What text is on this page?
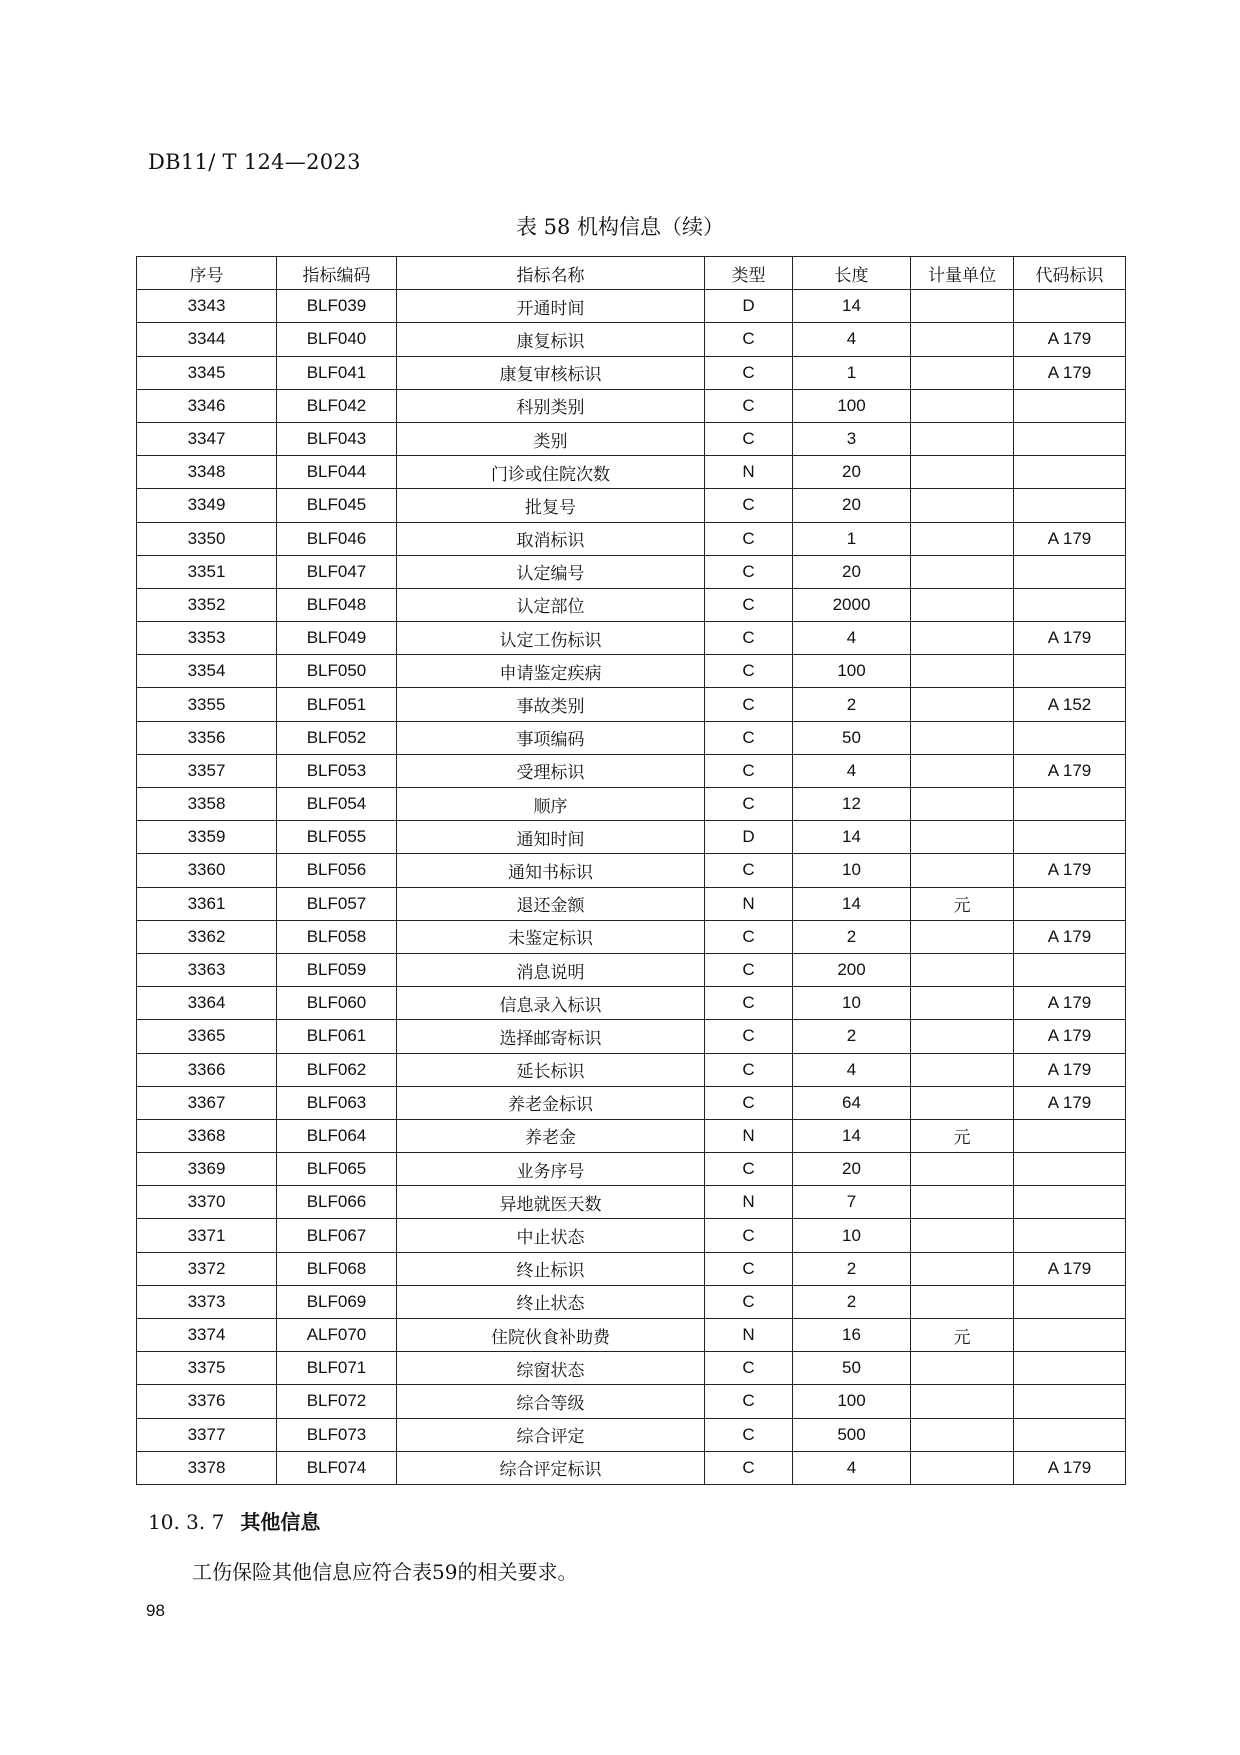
DB11/ T 124—2023
表 58 机构信息（续）
序号	指标编码	指标名称	类型	长度	计量单位	代码标识
3343	BLF039	开通时间	D	14		
3344	BLF040	康复标识	C	4		A 179
3345	BLF041	康复审核标识	C	1		A 179
3346	BLF042	科别类别	C	100		
3347	BLF043	类别	C	3		
3348	BLF044	门诊或住院次数	N	20		
3349	BLF045	批复号	C	20		
3350	BLF046	取消标识	C	1		A 179
3351	BLF047	认定编号	C	20		
3352	BLF048	认定部位	C	2000		
3353	BLF049	认定工伤标识	C	4		A 179
3354	BLF050	申请鉴定疾病	C	100		
3355	BLF051	事故类别	C	2		A 152
3356	BLF052	事项编码	C	50		
3357	BLF053	受理标识	C	4		A 179
3358	BLF054	顺序	C	12		
3359	BLF055	通知时间	D	14		
3360	BLF056	通知书标识	C	10		A 179
3361	BLF057	退还金额	N	14	元	
3362	BLF058	未鉴定标识	C	2		A 179
3363	BLF059	消息说明	C	200		
3364	BLF060	信息录入标识	C	10		A 179
3365	BLF061	选择邮寄标识	C	2		A 179
3366	BLF062	延长标识	C	4		A 179
3367	BLF063	养老金标识	C	64		A 179
3368	BLF064	养老金	N	14	元	
3369	BLF065	业务序号	C	20		
3370	BLF066	异地就医天数	N	7		
3371	BLF067	中止状态	C	10		
3372	BLF068	终止标识	C	2		A 179
3373	BLF069	终止状态	C	2		
3374	ALF070	住院伙食补助费	N	16	元	
3375	BLF071	综窗状态	C	50		
3376	BLF072	综合等级	C	100		
3377	BLF073	综合评定	C	500		
3378	BLF074	综合评定标识	C	4		A 179
10. 3. 7 其他信息
工伤保险其他信息应符合表59的相关要求。
98
